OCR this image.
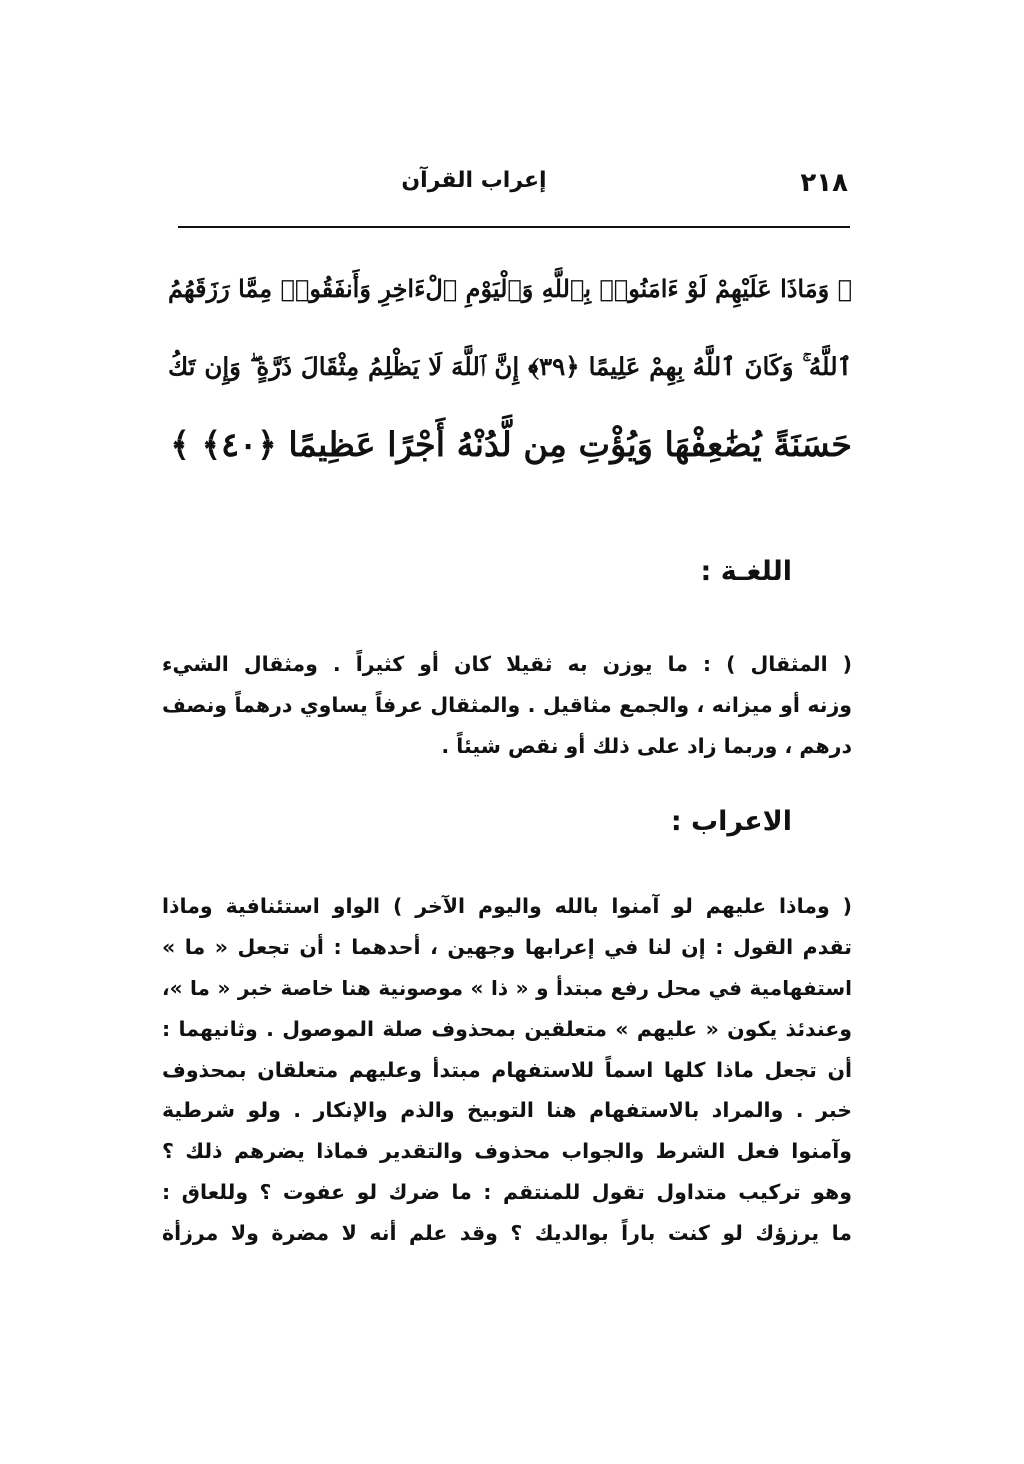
٢١٨
إعراب القرآن
﴿ وَمَاذَا عَلَيْهِمْ لَوْ ءَامَنُوا۟ بِٱللَّهِ وَٱلْيَوْمِ ٱلْءَاخِرِ وَأَنفَقُوا۟ مِمَّا رَزَقَهُمُ
ٱللَّهُ ۚ وَكَانَ ٱللَّهُ بِهِمْ عَلِيمًا ﴿٣٩﴾ إِنَّ ٱللَّهَ لَا يَظْلِمُ مِثْقَالَ ذَرَّةٍ ۖ وَإِن تَكُ
حَسَنَةً يُضَٰعِفْهَا وَيُؤْتِ مِن لَّدُنْهُ أَجْرًا عَظِيمًا ﴿٤٠﴾ ﴾
اللغـة :
( المثقال ) : ما يوزن به ثقيلا كان أو كثيراً . ومثقال الشيء
وزنه أو ميزانه ، والجمع مثاقيل . والمثقال عرفاً يساوي درهماً ونصف
درهم ، وربما زاد على ذلك أو نقص شيئاً .
الاعراب :
( وماذا عليهم لو آمنوا بالله واليوم الآخر ) الواو استئنافية وماذا
تقدم القول : إن لنا في إعرابها وجهين ، أحدهما : أن تجعل « ما »
استفهامية في محل رفع مبتدأ و « ذا » موصونية هنا خاصة خبر « ما »،
وعندئذ يكون « عليهم » متعلقين بمحذوف صلة الموصول . وثانيهما :
أن تجعل ماذا كلها اسماً للاستفهام مبتدأ وعليهم متعلقان بمحذوف
خبر . والمراد بالاستفهام هنا التوبيخ والذم والإنكار . ولو شرطية
وآمنوا فعل الشرط والجواب محذوف والتقدير فماذا يضرهم ذلك ؟
وهو تركيب متداول تقول للمنتقم : ما ضرك لو عفوت ؟ وللعاق :
ما يرزؤك لو كنت باراً بوالديك ؟ وقد علم أنه لا مضرة ولا مرزأة
